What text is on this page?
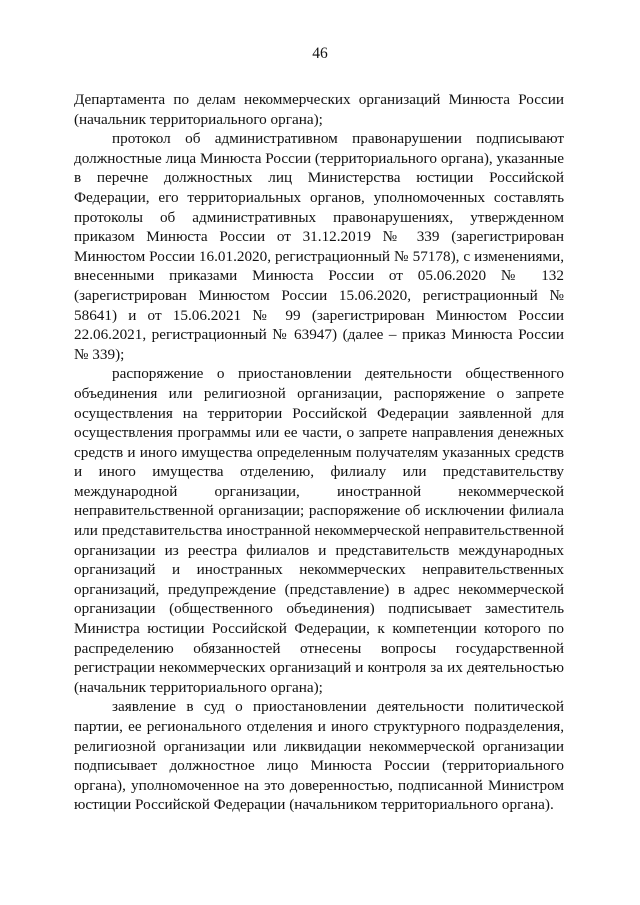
46

Департамента по делам некоммерческих организаций Минюста России (начальник территориального органа);

протокол об административном правонарушении подписывают должностные лица Минюста России (территориального органа), указанные в перечне должностных лиц Министерства юстиции Российской Федерации, его территориальных органов, уполномоченных составлять протоколы об административных правонарушениях, утвержденном приказом Минюста России от 31.12.2019 № 339 (зарегистрирован Минюстом России 16.01.2020, регистрационный № 57178), с изменениями, внесенными приказами Минюста России от 05.06.2020 № 132 (зарегистрирован Минюстом России 15.06.2020, регистрационный № 58641) и от 15.06.2021 № 99 (зарегистрирован Минюстом России 22.06.2021, регистрационный № 63947) (далее – приказ Минюста России № 339);

распоряжение о приостановлении деятельности общественного объединения или религиозной организации, распоряжение о запрете осуществления на территории Российской Федерации заявленной для осуществления программы или ее части, о запрете направления денежных средств и иного имущества определенным получателям указанных средств и иного имущества отделению, филиалу или представительству международной организации, иностранной некоммерческой неправительственной организации; распоряжение об исключении филиала или представительства иностранной некоммерческой неправительственной организации из реестра филиалов и представительств международных организаций и иностранных некоммерческих неправительственных организаций, предупреждение (представление) в адрес некоммерческой организации (общественного объединения) подписывает заместитель Министра юстиции Российской Федерации, к компетенции которого по распределению обязанностей отнесены вопросы государственной регистрации некоммерческих организаций и контроля за их деятельностью (начальник территориального органа);

заявление в суд о приостановлении деятельности политической партии, ее регионального отделения и иного структурного подразделения, религиозной организации или ликвидации некоммерческой организации подписывает должностное лицо Минюста России (территориального органа), уполномоченное на это доверенностью, подписанной Министром юстиции Российской Федерации (начальником территориального органа).
